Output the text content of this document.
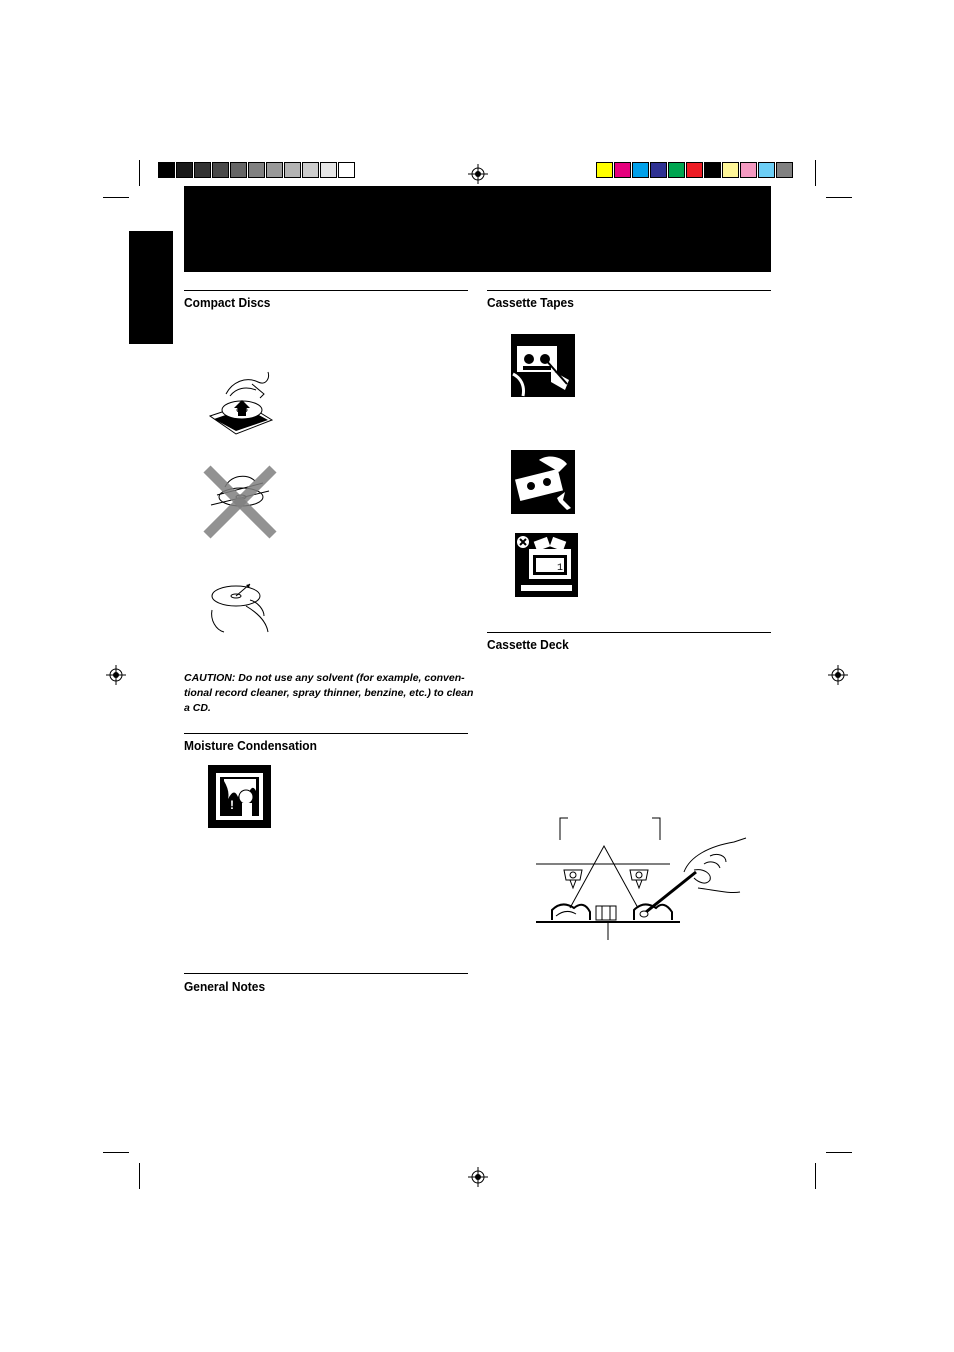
Compact Discs
CAUTION: Do not use any solvent (for example, conven-tional record cleaner, spray thinner, benzine, etc.) to clean a CD.
Moisture Condensation
!
General Notes
Cassette Tapes
1
Cassette Deck
